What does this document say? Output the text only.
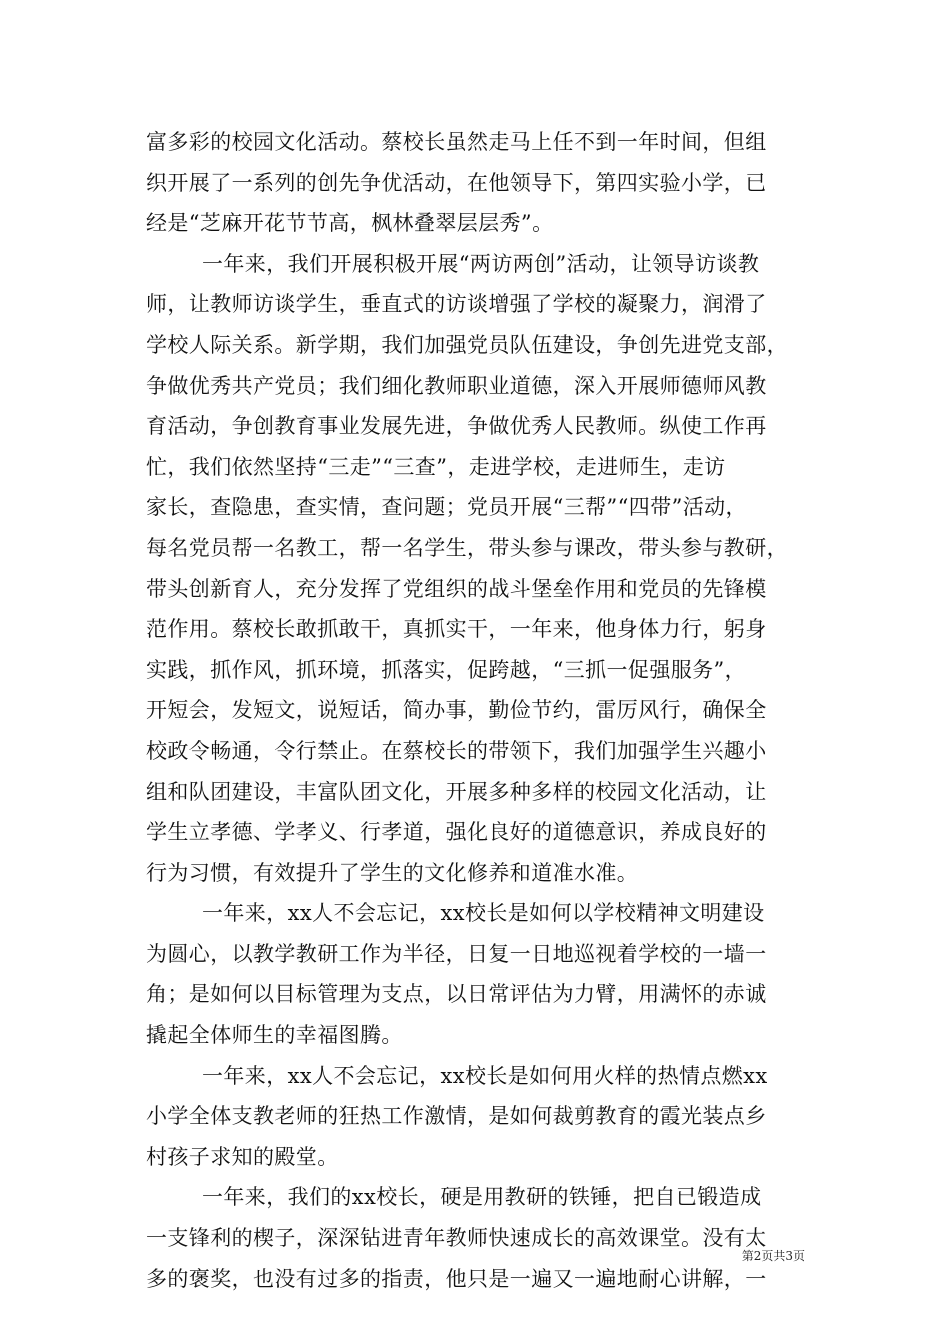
富多彩的校园文化活动。蔡校长虽然走马上任不到一年时间，但组
织开展了一系列的创先争优活动，在他领导下，第四实验小学，已
经是“芝麻开花节节高，枫林叠翠层层秀”。
一年来，我们开展积极开展“两访两创”活动，让领导访谈教
师，让教师访谈学生，垂直式的访谈增强了学校的凝聚力，润滑了
学校人际关系。新学期，我们加强党员队伍建设，争创先进党支部，
争做优秀共产党员；我们细化教师职业道德，深入开展师德师风教
育活动，争创教育事业发展先进，争做优秀人民教师。纵使工作再
忙，我们依然坚持“三走”“三查”，走进学校，走进师生，走访
家长，查隐患，查实情，查问题；党员开展“三帮”“四带”活动，
每名党员帮一名教工，帮一名学生，带头参与课改，带头参与教研，
带头创新育人，充分发挥了党组织的战斗堡垒作用和党员的先锋模
范作用。蔡校长敢抓敢干，真抓实干，一年来，他身体力行，躬身
实践，抓作风，抓环境，抓落实，促跨越，“三抓一促强服务”，
开短会，发短文，说短话，简办事，勤俭节约，雷厉风行，确保全
校政令畅通，令行禁止。在蔡校长的带领下，我们加强学生兴趣小
组和队团建设，丰富队团文化，开展多种多样的校园文化活动，让
学生立孝德、学孝义、行孝道，强化良好的道德意识，养成良好的
行为习惯，有效提升了学生的文化修养和道准水准。
一年来，xx人不会忘记，xx校长是如何以学校精神文明建设
为圆心，以教学教研工作为半径，日复一日地巡视着学校的一墙一
角；是如何以目标管理为支点，以日常评估为力臂，用满怀的赤诚
撬起全体师生的幸福图腾。
一年来，xx人不会忘记，xx校长是如何用火样的热情点燃xx
小学全体支教老师的狂热工作激情，是如何裁剪教育的霞光装点乡
村孩子求知的殿堂。
一年来，我们的xx校长，硬是用教研的铁锤，把自已锻造成
一支锋利的楔子，深深钻进青年教师快速成长的高效课堂。没有太
多的褒奖，也没有过多的指责，他只是一遍又一遍地耐心讲解，一
第2页共3页
